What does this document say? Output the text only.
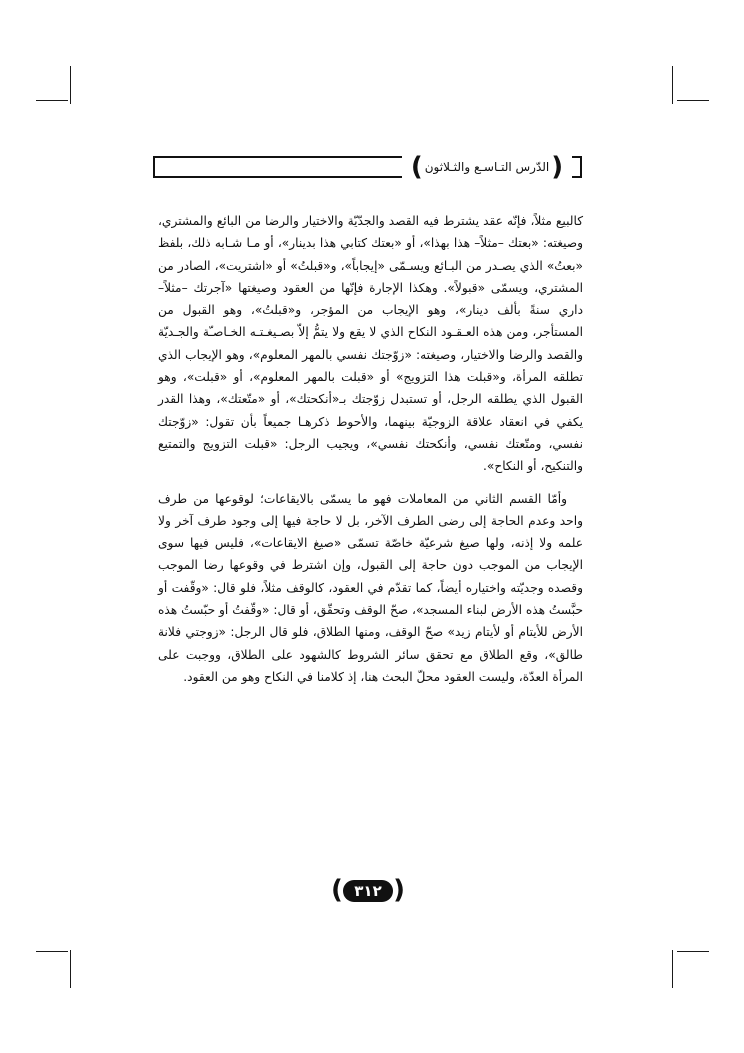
(
الدّرس التـاسـع والثـلاثون
)

كالبيع مثلاً، فإنّه عقد يشترط فيه القصد والجدّيّة والاختيار والرضا من البائع والمشتري، وصيغته: «بعتك –مثلاً– هذا بهذا»، أو «بعتك كتابي هذا بدينار»، أو مـا شـابه ذلك، بلفظ «بعتُ» الذي يصـدر من البـائع ويسـمّى «إيجاباً»، و«قبلتُ» أو «اشتريت»، الصادر من المشتري، ويسمّى «قبولاً». وهكذا الإجارة فإنّها من العقود وصيغتها «آجرتك –مثلاً– داري سنةً بألف دينار»، وهو الإيجاب من المؤجر، و«قبلتُ»، وهو القبول من المستأجر، ومن هذه العـقـود النكاح الذي لا يقع ولا يتمُّ إلاّ بصـيغـتـه الخـاصـّة والجـديّة والقصد والرضا والاختيار، وصيغته: «زوّجتك نفسي بالمهر المعلوم»، وهو الإيجاب الذي تطلقه المرأة، و«قبلت هذا التزويج» أو «قبلت بالمهر المعلوم»، أو «قبلت»، وهو القبول الذي يطلقه الرجل، أو تستبدل زوّجتك بـ«أنكحتك»، أو «متّعتك»، وهذا القدر يكفي في انعقاد علاقة الزوجيّة بينهما، والأحوط ذكرهـا جميعاً بأن تقول: «زوّجتك نفسي، ومتّعتك نفسي، وأنكحتك نفسي»، ويجيب الرجل: «قبلت التزويج والتمتيع والتنكيح، أو النكاح».

وأمّا القسم الثاني من المعاملات فهو ما يسمّى بالايقاعات؛ لوقوعها من طرف واحد وعدم الحاجة إلى رضى الطرف الآخر، بل لا حاجة فيها إلى وجود طرف آخر ولا علمه ولا إذنه، ولها صيغ شرعيّة خاصّة تسمّى «صيغ الايقاعات»، فليس فيها سوى الإيجاب من الموجب دون حاجة إلى القبول، وإن اشترط في وقوعها رضا الموجب وقصده وجديّته واختياره أيضاً، كما تقدّم في العقود، كالوقف مثلاً، فلو قال: «وقّفت أو حبَّستُ هذه الأرض لبناء المسجد»، صحّ الوقف وتحقّق، أو قال: «وقّفتُ أو حبّستُ هذه الأرض للأيتام أو لأيتام زيد» صحّ الوقف، ومنها الطلاق، فلو قال الرجل: «زوجتي فلانة طالق»، وقع الطلاق مع تحقق سائر الشروط كالشهود على الطلاق، ووجبت على المرأة العدّة، وليست العقود محلّ البحث هنا، إذ كلامنا في النكاح وهو من العقود.

( ٣١٢ )
